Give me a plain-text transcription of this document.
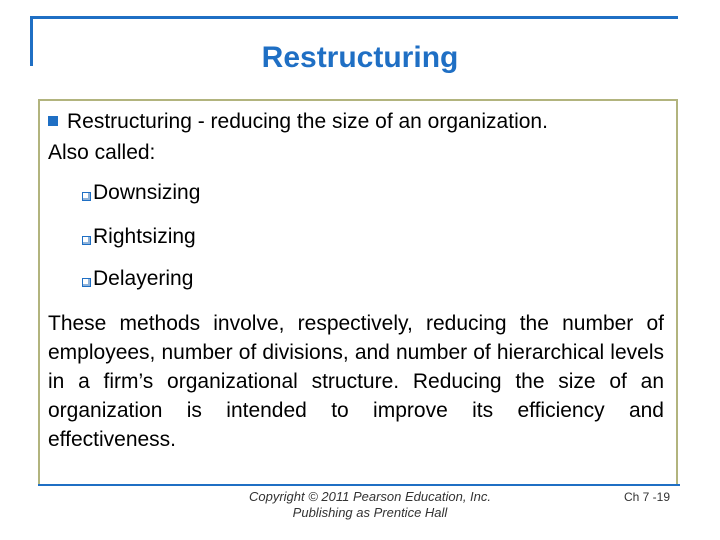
Restructuring
Restructuring - reducing the size of an organization.
Also called:
Downsizing
Rightsizing
Delayering
These methods involve, respectively, reducing the number of employees, number of divisions, and number of hierarchical levels in a firm’s organizational structure. Reducing the size of an organization is intended to improve its efficiency and effectiveness.
Copyright © 2011 Pearson Education, Inc.
Publishing as Prentice Hall
Ch 7 -19
